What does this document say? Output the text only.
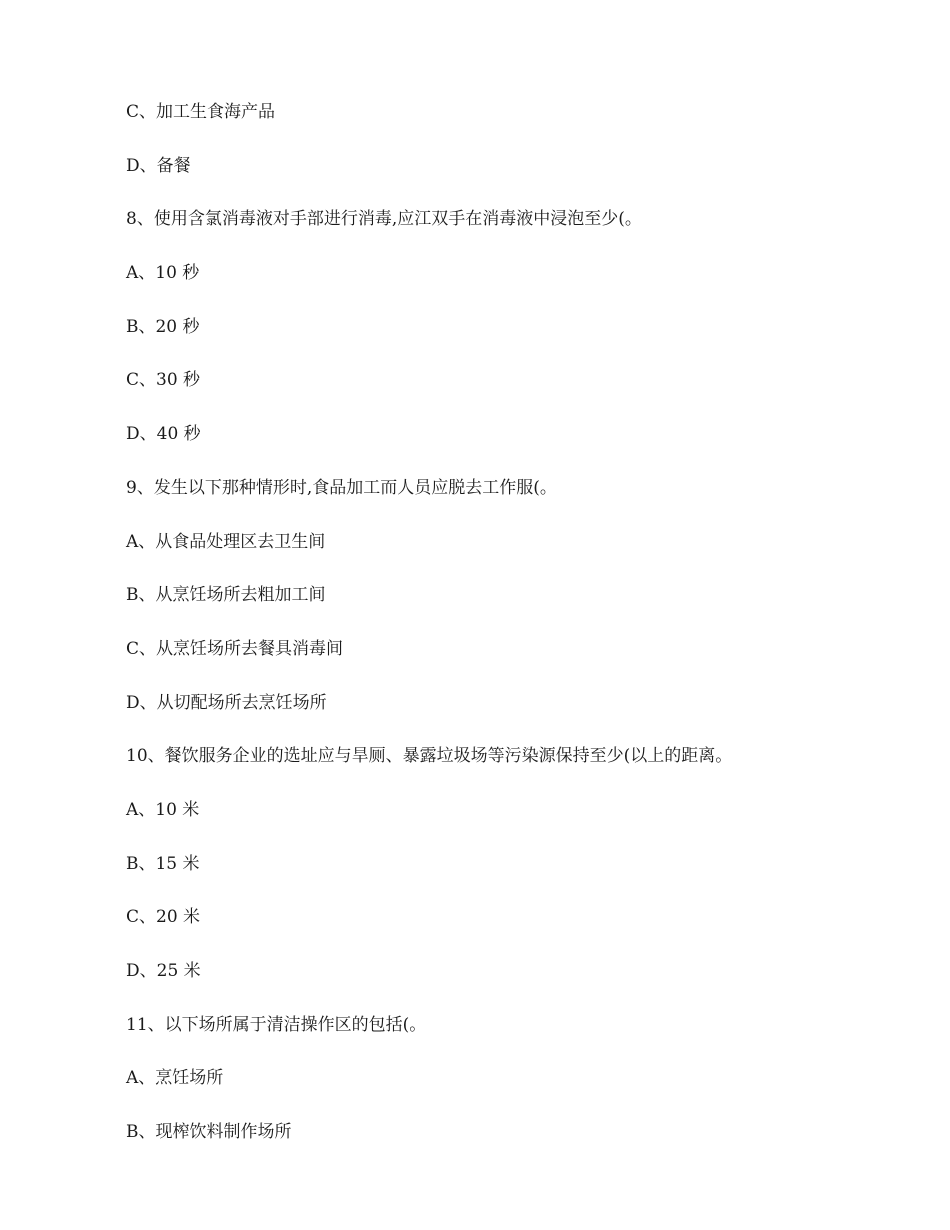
C、加工生食海产品
D、备餐
8、使用含氯消毒液对手部进行消毒,应江双手在消毒液中浸泡至少(。
A、10 秒
B、20 秒
C、30 秒
D、40 秒
9、发生以下那种情形时,食品加工而人员应脱去工作服(。
A、从食品处理区去卫生间
B、从烹饪场所去粗加工间
C、从烹饪场所去餐具消毒间
D、从切配场所去烹饪场所
10、餐饮服务企业的选址应与旱厕、暴露垃圾场等污染源保持至少(以上的距离。
A、10 米
B、15 米
C、20 米
D、25 米
11、以下场所属于清洁操作区的包括(。
A、烹饪场所
B、现榨饮料制作场所
